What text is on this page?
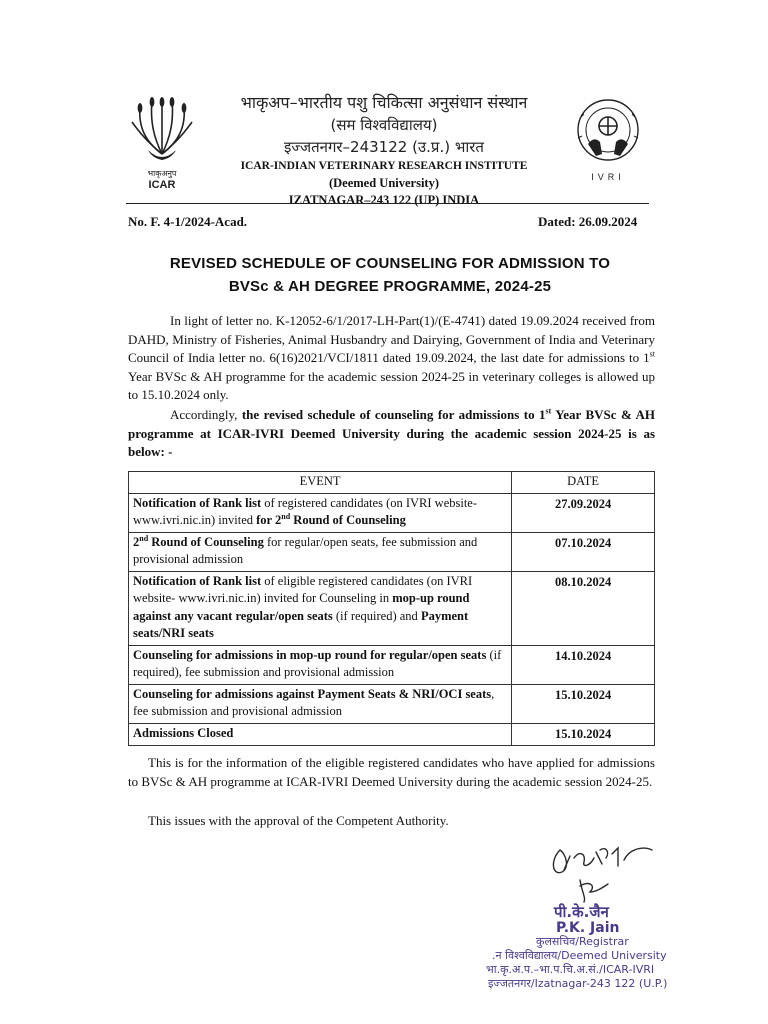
भाकृअनुप
ICAR
भाकृअप–भारतीय पशु चिकित्सा अनुसंधान संस्थान
(सम विश्वविद्यालय)
इज्जतनगर–243122 (उ.प्र.) भारत
ICAR-INDIAN VETERINARY RESEARCH INSTITUTE
(Deemed University)
IZATNAGAR–243 122 (UP) INDIA
IVRI
No. F. 4-1/2024-Acad.	Dated: 26.09.2024
REVISED SCHEDULE OF COUNSELING FOR ADMISSION TO
BVSc & AH DEGREE PROGRAMME, 2024-25
In light of letter no. K-12052-6/1/2017-LH-Part(1)/(E-4741) dated 19.09.2024 received from DAHD, Ministry of Fisheries, Animal Husbandry and Dairying, Government of India and Veterinary Council of India letter no. 6(16)2021/VCI/1811 dated 19.09.2024, the last date for admissions to 1st Year BVSc & AH programme for the academic session 2024-25 in veterinary colleges is allowed up to 15.10.2024 only.
Accordingly, the revised schedule of counseling for admissions to 1st Year BVSc & AH programme at ICAR-IVRI Deemed University during the academic session 2024-25 is as below: -
EVENT	DATE
Notification of Rank list of registered candidates (on IVRI website- www.ivri.nic.in) invited for 2nd Round of Counseling	27.09.2024
2nd Round of Counseling for regular/open seats, fee submission and provisional admission	07.10.2024
Notification of Rank list of eligible registered candidates (on IVRI website- www.ivri.nic.in) invited for Counseling in mop-up round against any vacant regular/open seats (if required) and Payment seats/NRI seats	08.10.2024
Counseling for admissions in mop-up round for regular/open seats (if required), fee submission and provisional admission	14.10.2024
Counseling for admissions against Payment Seats & NRI/OCI seats, fee submission and provisional admission	15.10.2024
Admissions Closed	15.10.2024
This is for the information of the eligible registered candidates who have applied for admissions to BVSc & AH programme at ICAR-IVRI Deemed University during the academic session 2024-25.
This issues with the approval of the Competent Authority.
पी.के.जैन
P.K. Jain
कुलसचिव/Registrar
.न विश्वविद्यालय/Deemed University
भा.कृ.अ.प.–भा.प.चि.अ.सं./ICAR-IVRI
इज्जतनगर/Izatnagar-243 122 (U.P.)
